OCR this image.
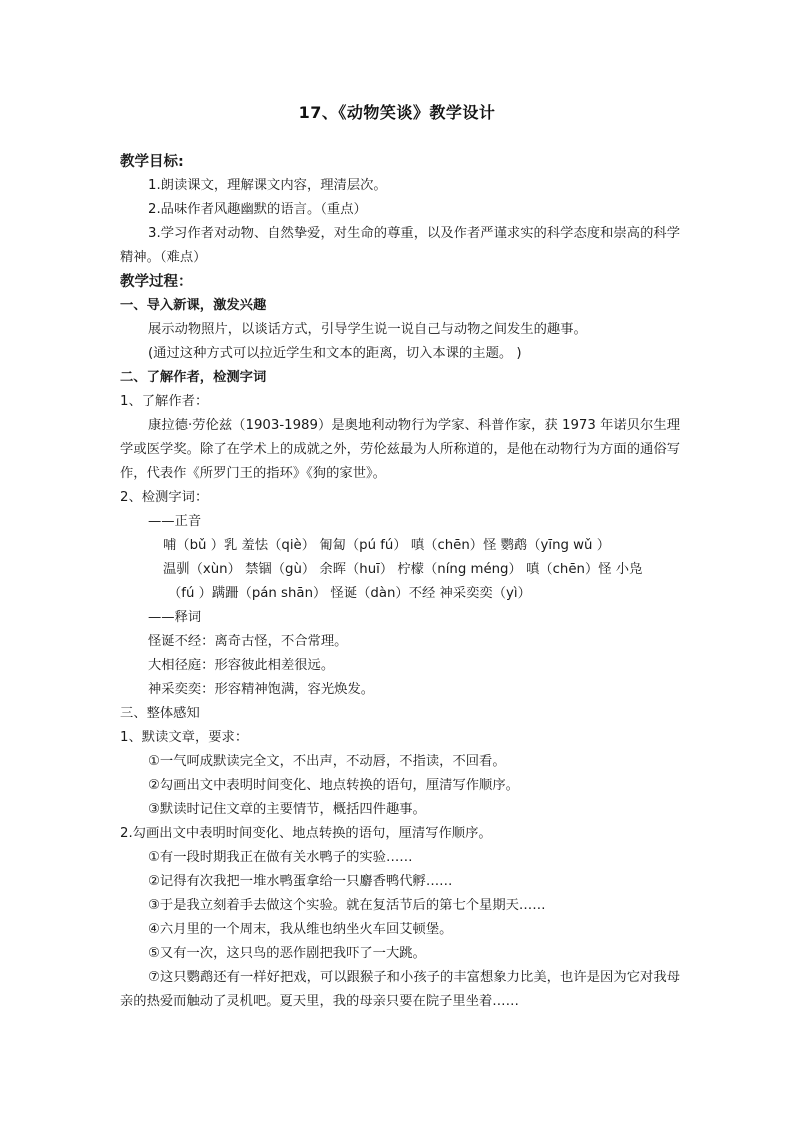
17、《动物笑谈》教学设计
教学目标:
1.朗读课文，理解课文内容，理清层次。
2.品味作者风趣幽默的语言。（重点）
3.学习作者对动物、自然挚爱，对生命的尊重，以及作者严谨求实的科学态度和崇高的科学精神。（难点）
教学过程：
一、导入新课，激发兴趣
展示动物照片，以谈话方式，引导学生说一说自己与动物之间发生的趣事。
(通过这种方式可以拉近学生和文本的距离，切入本课的主题。 )
二、了解作者，检测字词
1、了解作者：
康拉德·劳伦兹（1903-1989）是奥地利动物行为学家、科普作家，获 1973 年诺贝尔生理学或医学奖。除了在学术上的成就之外，劳伦兹最为人所称道的，是他在动物行为方面的通俗写作，代表作《所罗门王的指环》《狗的家世》。
2、检测字词：
——正音
哺（bǔ ）乳 羞怯（qiè） 匍匐（pú fú） 嗔（chēn）怪 鹦鹉（yīng wǔ ）
温驯（xùn） 禁锢（gù） 余晖（huī） 柠檬（níng méng） 嗔（chēn）怪 小凫
（fú ）蹒跚（pán shān） 怪诞（dàn）不经 神采奕奕（yì）
——释词
怪诞不经：离奇古怪，不合常理。
大相径庭：形容彼此相差很远。
神采奕奕：形容精神饱满，容光焕发。
三、整体感知
1、默读文章，要求：
①一气呵成默读完全文，不出声，不动唇，不指读，不回看。
②勾画出文中表明时间变化、地点转换的语句，厘清写作顺序。
③默读时记住文章的主要情节，概括四件趣事。
2.勾画出文中表明时间变化、地点转换的语句，厘清写作顺序。
①有一段时期我正在做有关水鸭子的实验……
②记得有次我把一堆水鸭蛋拿给一只麝香鸭代孵……
③于是我立刻着手去做这个实验。就在复活节后的第七个星期天……
④六月里的一个周末，我从维也纳坐火车回艾顿堡。
⑤又有一次，这只鸟的恶作剧把我吓了一大跳。
⑦这只鹦鹉还有一样好把戏，可以跟猴子和小孩子的丰富想象力比美，也许是因为它对我母亲的热爱而触动了灵机吧。夏天里，我的母亲只要在院子里坐着……
